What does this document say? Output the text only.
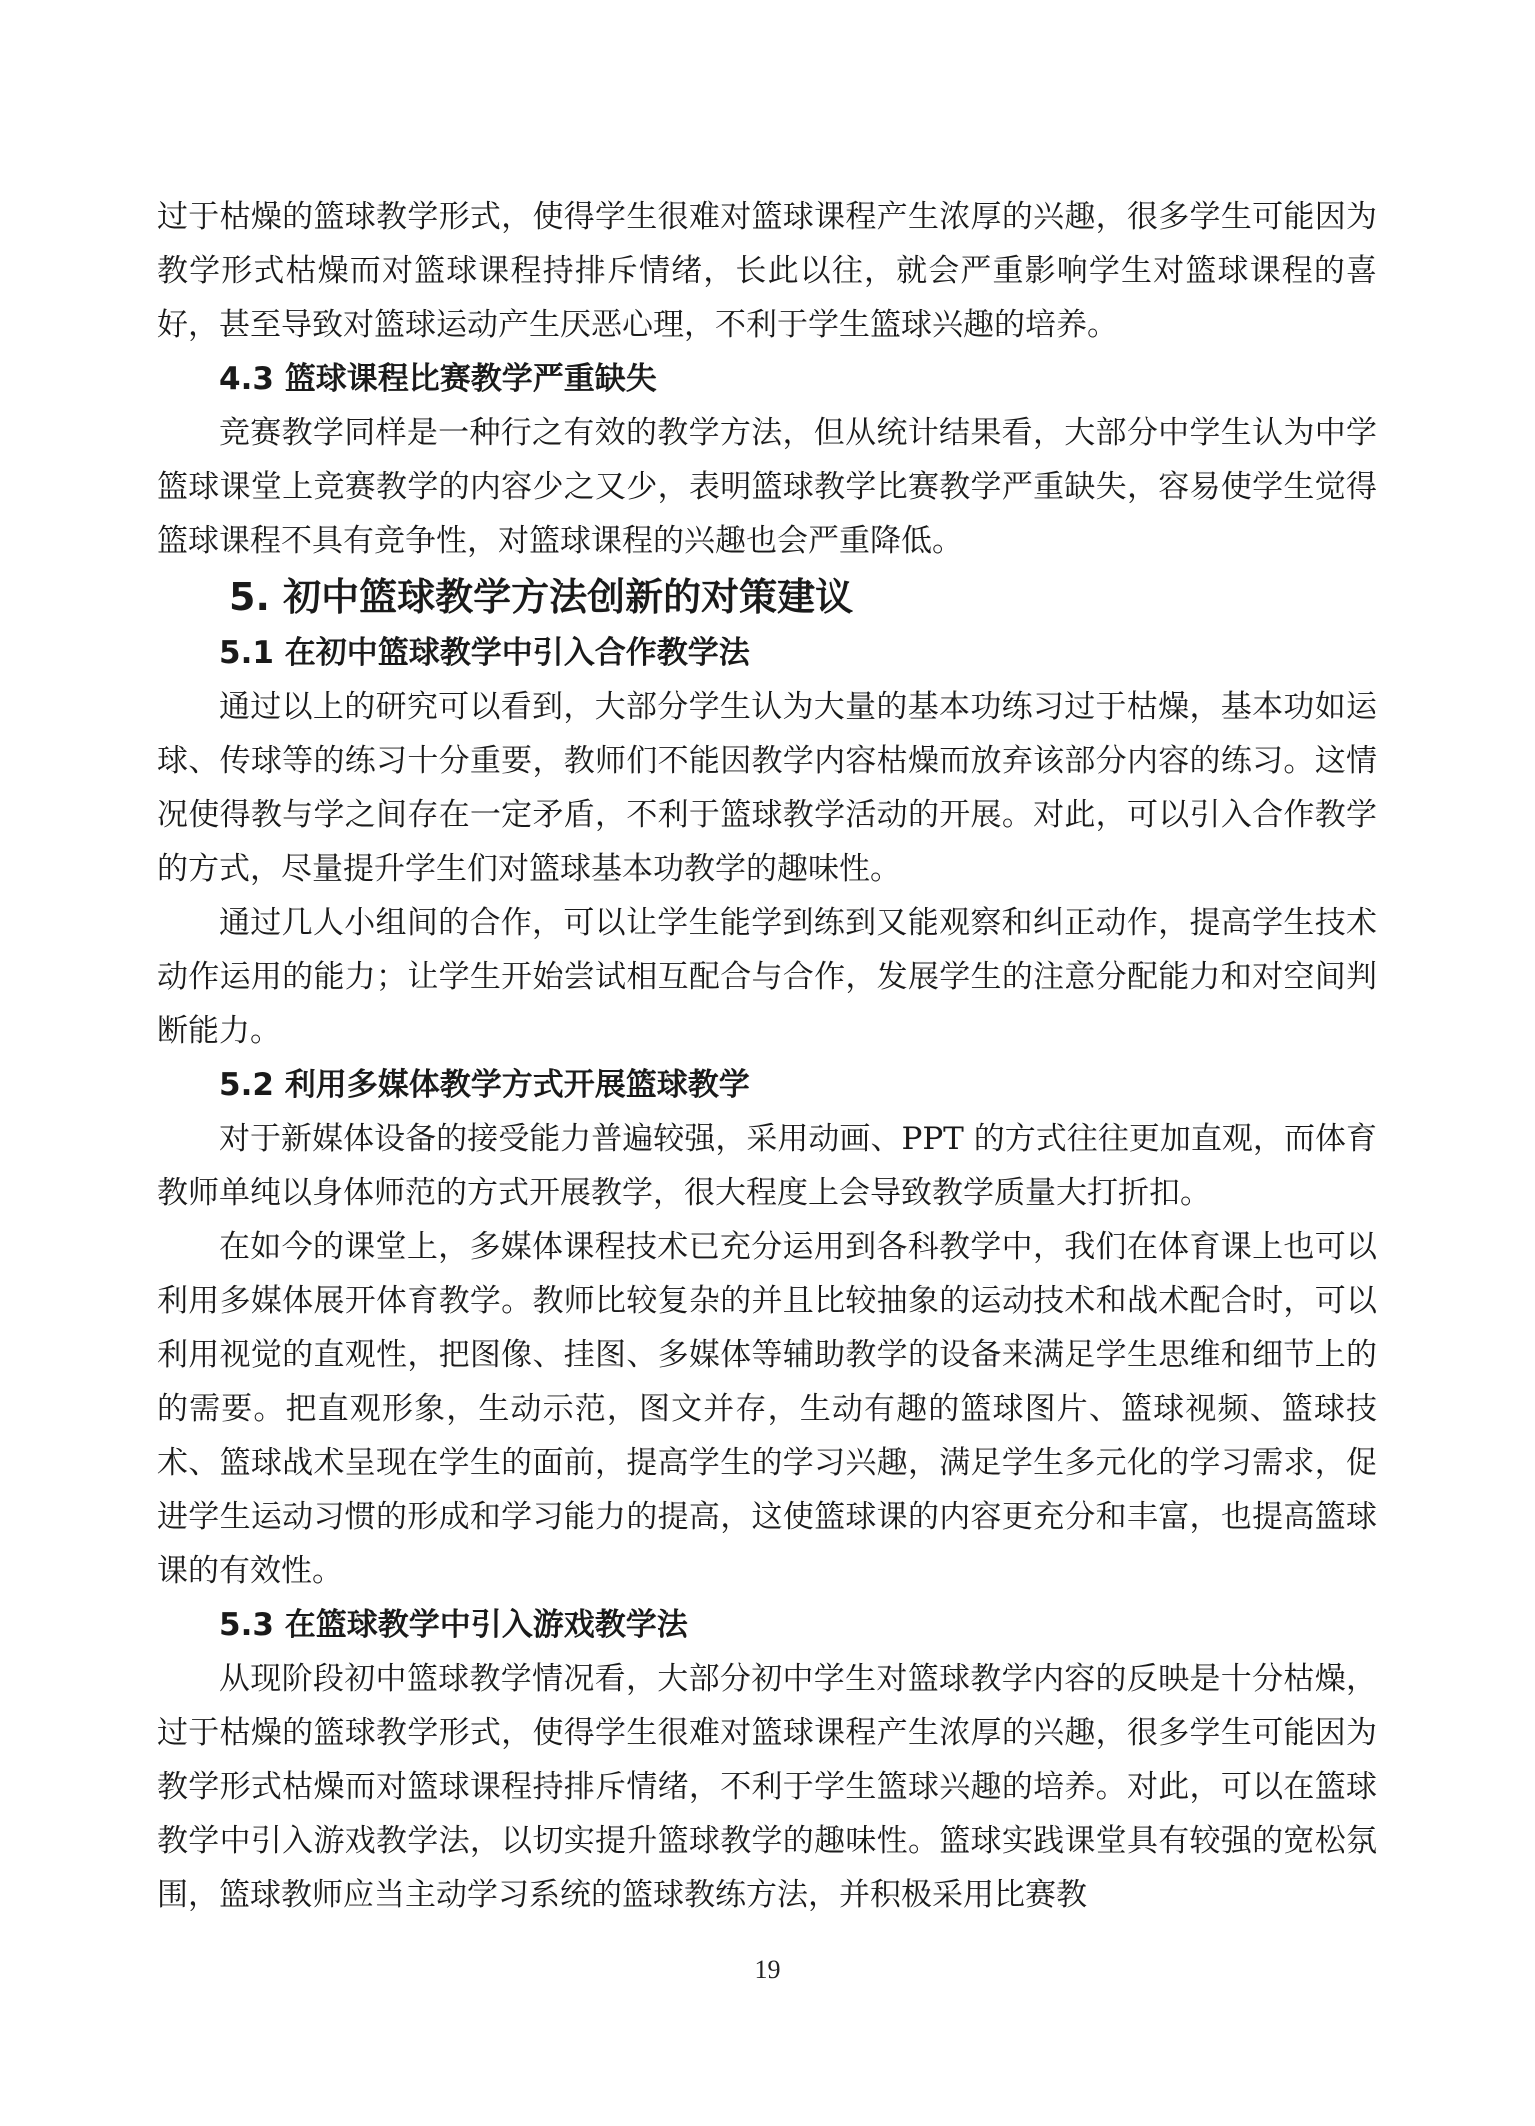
过于枯燥的篮球教学形式，使得学生很难对篮球课程产生浓厚的兴趣，很多学生可能因为教学形式枯燥而对篮球课程持排斥情绪，长此以往，就会严重影响学生对篮球课程的喜好，甚至导致对篮球运动产生厌恶心理，不利于学生篮球兴趣的培养。

4.3 篮球课程比赛教学严重缺失

竞赛教学同样是一种行之有效的教学方法，但从统计结果看，大部分中学生认为中学篮球课堂上竞赛教学的内容少之又少，表明篮球教学比赛教学严重缺失，容易使学生觉得篮球课程不具有竞争性，对篮球课程的兴趣也会严重降低。

5. 初中篮球教学方法创新的对策建议

5.1 在初中篮球教学中引入合作教学法

通过以上的研究可以看到，大部分学生认为大量的基本功练习过于枯燥，基本功如运球、传球等的练习十分重要，教师们不能因教学内容枯燥而放弃该部分内容的练习。这情况使得教与学之间存在一定矛盾，不利于篮球教学活动的开展。对此，可以引入合作教学的方式，尽量提升学生们对篮球基本功教学的趣味性。

通过几人小组间的合作，可以让学生能学到练到又能观察和纠正动作，提高学生技术动作运用的能力；让学生开始尝试相互配合与合作，发展学生的注意分配能力和对空间判断能力。

5.2 利用多媒体教学方式开展篮球教学

对于新媒体设备的接受能力普遍较强，采用动画、PPT 的方式往往更加直观，而体育教师单纯以身体师范的方式开展教学，很大程度上会导致教学质量大打折扣。

在如今的课堂上，多媒体课程技术已充分运用到各科教学中，我们在体育课上也可以利用多媒体展开体育教学。教师比较复杂的并且比较抽象的运动技术和战术配合时，可以利用视觉的直观性，把图像、挂图、多媒体等辅助教学的设备来满足学生思维和细节上的的需要。把直观形象，生动示范，图文并存，生动有趣的篮球图片、篮球视频、篮球技术、篮球战术呈现在学生的面前，提高学生的学习兴趣，满足学生多元化的学习需求，促进学生运动习惯的形成和学习能力的提高，这使篮球课的内容更充分和丰富，也提高篮球课的有效性。

5.3 在篮球教学中引入游戏教学法

从现阶段初中篮球教学情况看，大部分初中学生对篮球教学内容的反映是十分枯燥，过于枯燥的篮球教学形式，使得学生很难对篮球课程产生浓厚的兴趣，很多学生可能因为教学形式枯燥而对篮球课程持排斥情绪，不利于学生篮球兴趣的培养。对此，可以在篮球教学中引入游戏教学法，以切实提升篮球教学的趣味性。篮球实践课堂具有较强的宽松氛围，篮球教师应当主动学习系统的篮球教练方法，并积极采用比赛教

19
